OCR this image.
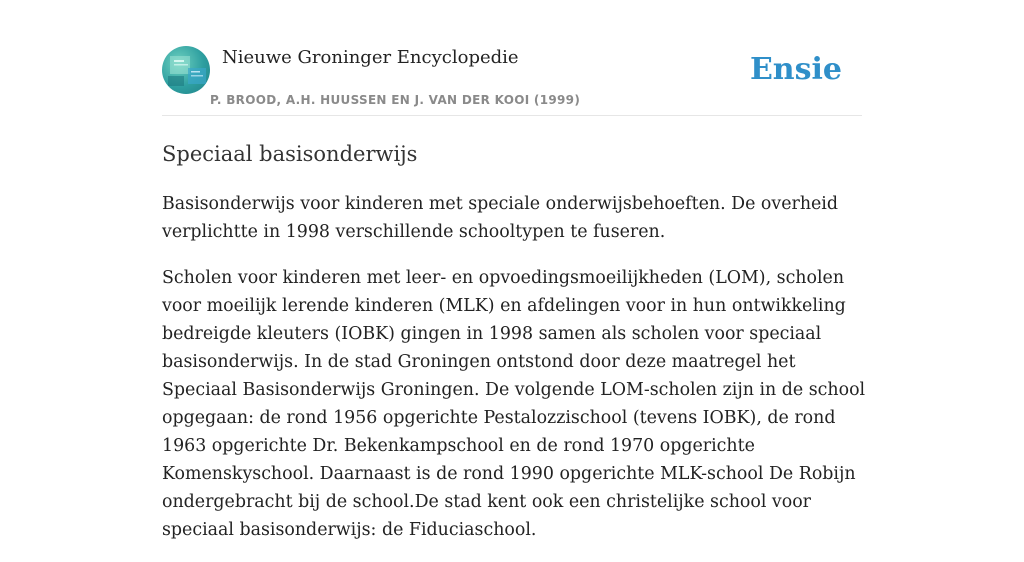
Nieuwe Groninger Encyclopedie
P. BROOD, A.H. HUUSSEN EN J. VAN DER KOOI (1999)
Ensie
Speciaal basisonderwijs

Basisonderwijs voor kinderen met speciale onderwijsbehoeften. De overheid verplichtte in 1998 verschillende schooltypen te fuseren.

Scholen voor kinderen met leer- en opvoedingsmoeilijkheden (LOM), scholen voor moeilijk lerende kinderen (MLK) en afdelingen voor in hun ontwikkeling bedreigde kleuters (IOBK) gingen in 1998 samen als scholen voor speciaal basisonderwijs. In de stad Groningen ontstond door deze maatregel het Speciaal Basisonderwijs Groningen. De volgende LOM-scholen zijn in de school opgegaan: de rond 1956 opgerichte Pestalozzischool (tevens IOBK), de rond 1963 opgerichte Dr. Bekenkampschool en de rond 1970 opgerichte Komenskyschool. Daarnaast is de rond 1990 opgerichte MLK-school De Robijn ondergebracht bij de school.De stad kent ook een christelijke school voor speciaal basisonderwijs: de Fiduciaschool.
